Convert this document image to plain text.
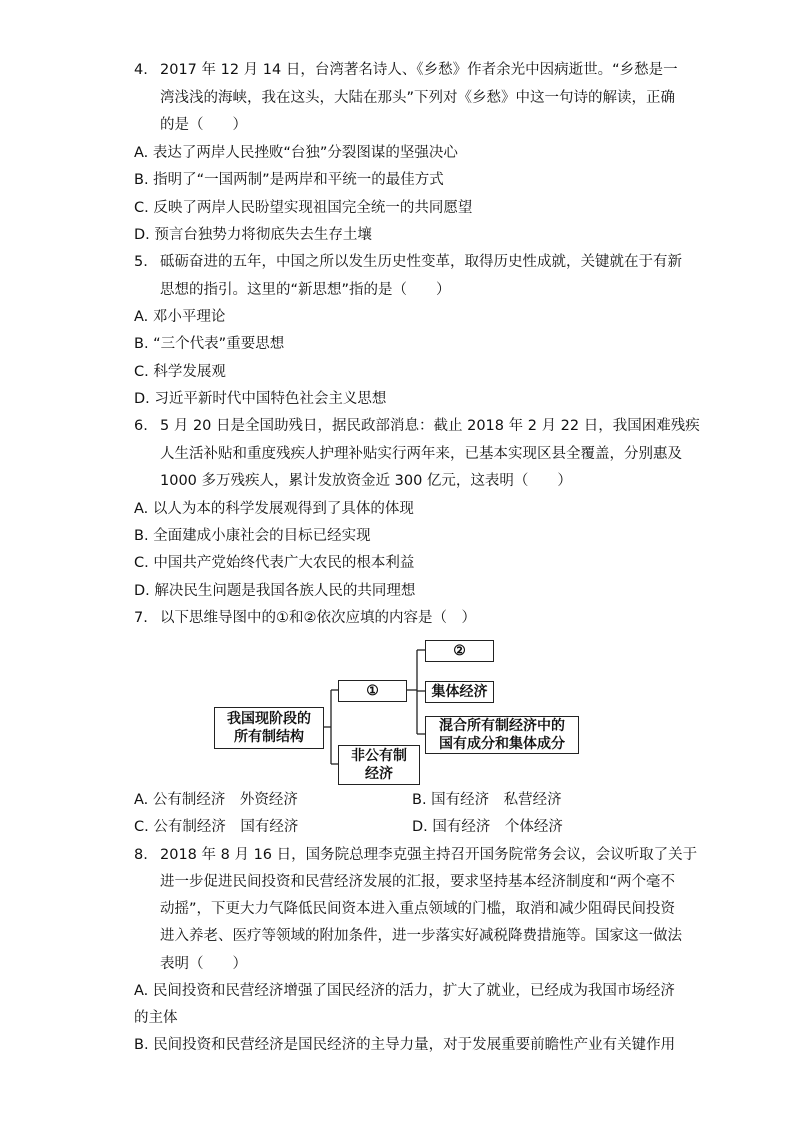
4. 2017 年 12 月 14 日，台湾著名诗人、《乡愁》作者余光中因病逝世。“乡愁是一
湾浅浅的海峡，我在这头，大陆在那头”下列对《乡愁》中这一句诗的解读，正确
的是（　　）
A. 表达了两岸人民挫败“台独”分裂图谋的坚强决心
B. 指明了“一国两制”是两岸和平统一的最佳方式
C. 反映了两岸人民盼望实现祖国完全统一的共同愿望
D. 预言台独势力将彻底失去生存土壤
5. 砥砺奋进的五年，中国之所以发生历史性变革，取得历史性成就，关键就在于有新
思想的指引。这里的“新思想”指的是（　　）
A. 邓小平理论
B. “三个代表”重要思想
C. 科学发展观
D. 习近平新时代中国特色社会主义思想
6. 5 月 20 日是全国助残日，据民政部消息：截止 2018 年 2 月 22 日，我国困难残疾
人生活补贴和重度残疾人护理补贴实行两年来，已基本实现区县全覆盖，分别惠及
1000 多万残疾人，累计发放资金近 300 亿元，这表明（　　）
A. 以人为本的科学发展观得到了具体的体现
B. 全面建成小康社会的目标已经实现
C. 中国共产党始终代表广大农民的根本利益
D. 解决民生问题是我国各族人民的共同理想
7. 以下思维导图中的①和②依次应填的内容是（　）
我国现阶段的
所有制结构
①
非公有制
经济
②
集体经济
混合所有制经济中的
国有成分和集体成分
A. 公有制经济　外资经济	B. 国有经济　私营经济
C. 公有制经济　国有经济	D. 国有经济　个体经济
8. 2018 年 8 月 16 日，国务院总理李克强主持召开国务院常务会议，会议听取了关于
进一步促进民间投资和民营经济发展的汇报，要求坚持基本经济制度和“两个毫不
动摇”，下更大力气降低民间资本进入重点领域的门槛，取消和减少阻碍民间投资
进入养老、医疗等领域的附加条件，进一步落实好减税降费措施等。国家这一做法
表明（　　）
A. 民间投资和民营经济增强了国民经济的活力，扩大了就业，已经成为我国市场经济
的主体
B. 民间投资和民营经济是国民经济的主导力量，对于发展重要前瞻性产业有关键作用
